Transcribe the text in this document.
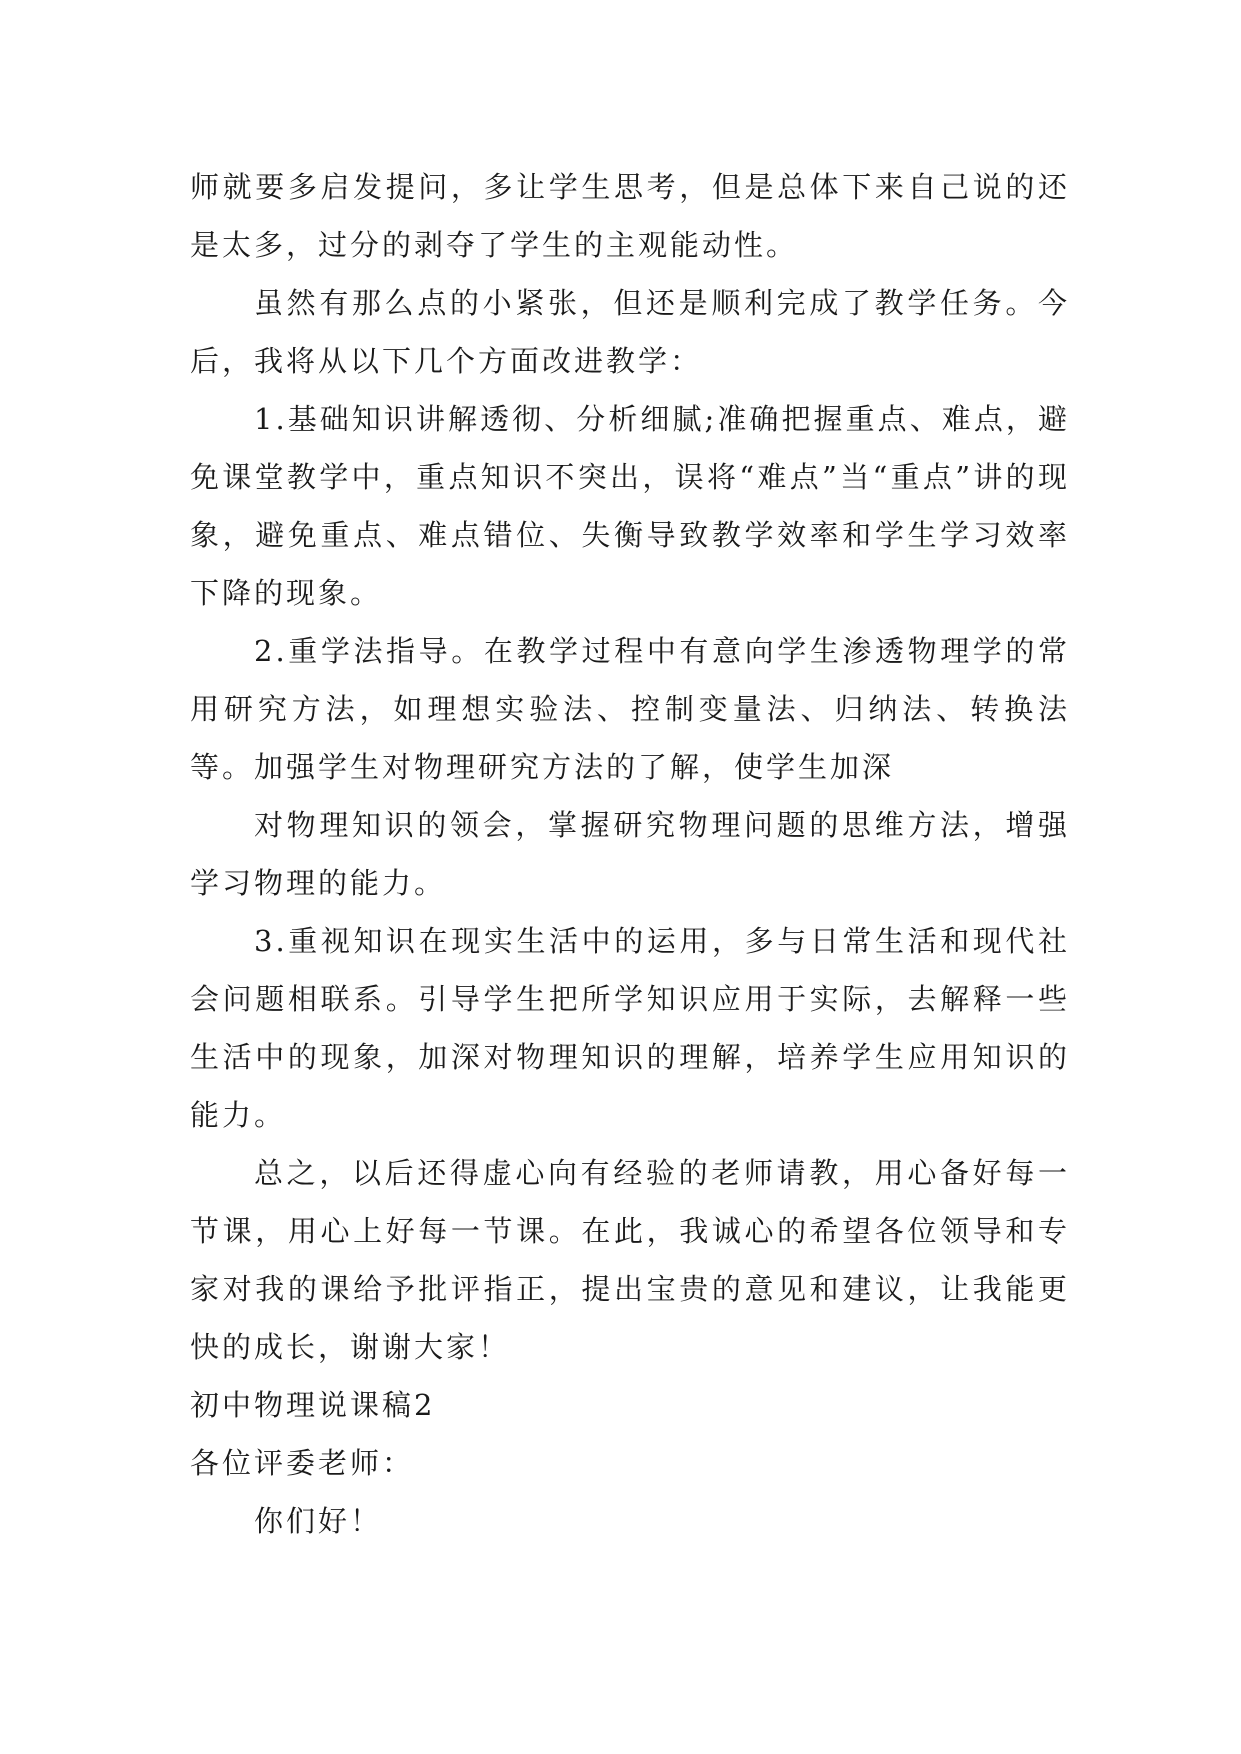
师就要多启发提问，多让学生思考，但是总体下来自己说的还是太多，过分的剥夺了学生的主观能动性。

虽然有那么点的小紧张，但还是顺利完成了教学任务。今后，我将从以下几个方面改进教学：

1.基础知识讲解透彻、分析细腻;准确把握重点、难点，避免课堂教学中，重点知识不突出，误将“难点”当“重点”讲的现象，避免重点、难点错位、失衡导致教学效率和学生学习效率下降的现象。

2.重学法指导。在教学过程中有意向学生渗透物理学的常用研究方法，如理想实验法、控制变量法、归纳法、转换法等。加强学生对物理研究方法的了解，使学生加深

对物理知识的领会，掌握研究物理问题的思维方法，增强学习物理的能力。

3.重视知识在现实生活中的运用，多与日常生活和现代社会问题相联系。引导学生把所学知识应用于实际，去解释一些生活中的现象，加深对物理知识的理解，培养学生应用知识的能力。

总之，以后还得虚心向有经验的老师请教，用心备好每一节课，用心上好每一节课。在此，我诚心的希望各位领导和专家对我的课给予批评指正，提出宝贵的意见和建议，让我能更快的成长，谢谢大家！

初中物理说课稿2

各位评委老师：

你们好！
